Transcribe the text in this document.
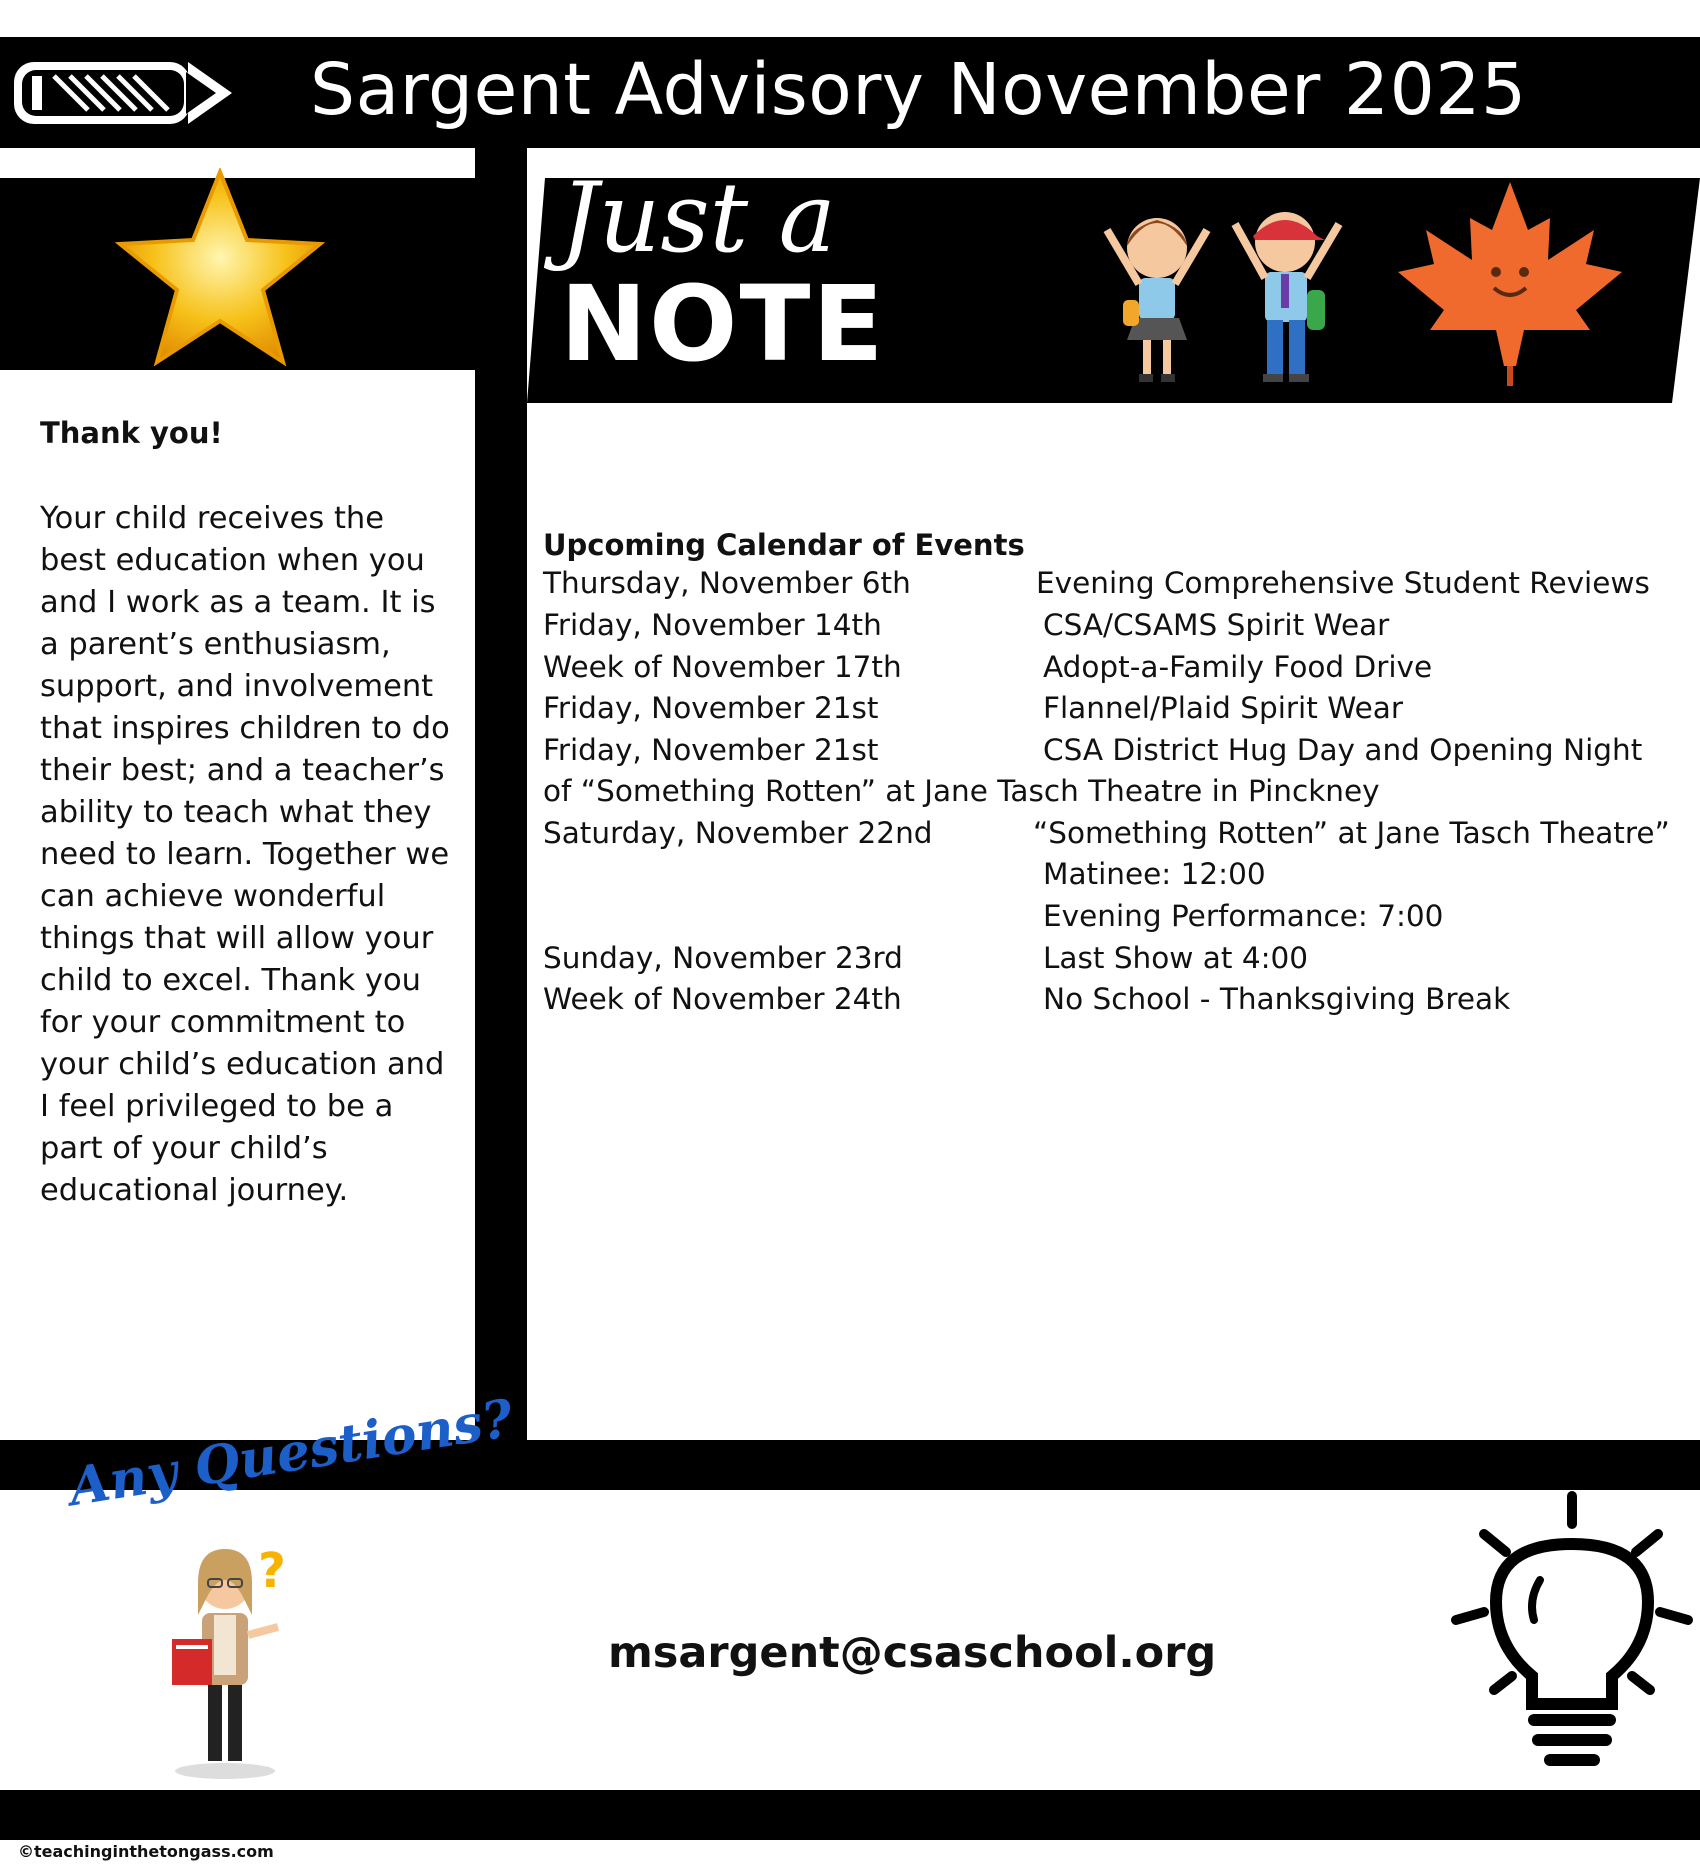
Sargent Advisory November 2025
Just a
NOTE
Thank you!
Your child receives the best education when you and I work as a team. It is a parent’s enthusiasm, support, and involvement that inspires children to do their best; and a teacher’s ability to teach what they need to learn. Together we can achieve wonderful things that will allow your child to excel. Thank you for your commitment to your child’s education and I feel privileged to be a part of your child’s educational journey.
Upcoming Calendar of Events
Thursday, November 6th	Evening Comprehensive Student Reviews
Friday, November 14th	CSA/CSAMS Spirit Wear
Week of November 17th	Adopt-a-Family Food Drive
Friday, November 21st	Flannel/Plaid Spirit Wear
Friday, November 21st	CSA District Hug Day and Opening Night
of “Something Rotten” at Jane Tasch Theatre in Pinckney
Saturday, November 22nd	“Something Rotten” at Jane Tasch Theatre”
Matinee: 12:00
Evening Performance: 7:00
Sunday, November 23rd	Last Show at 4:00
Week of November 24th	No School - Thanksgiving Break
Any Questions?
?
msargent@csaschool.org
©teachinginthetongass.com
